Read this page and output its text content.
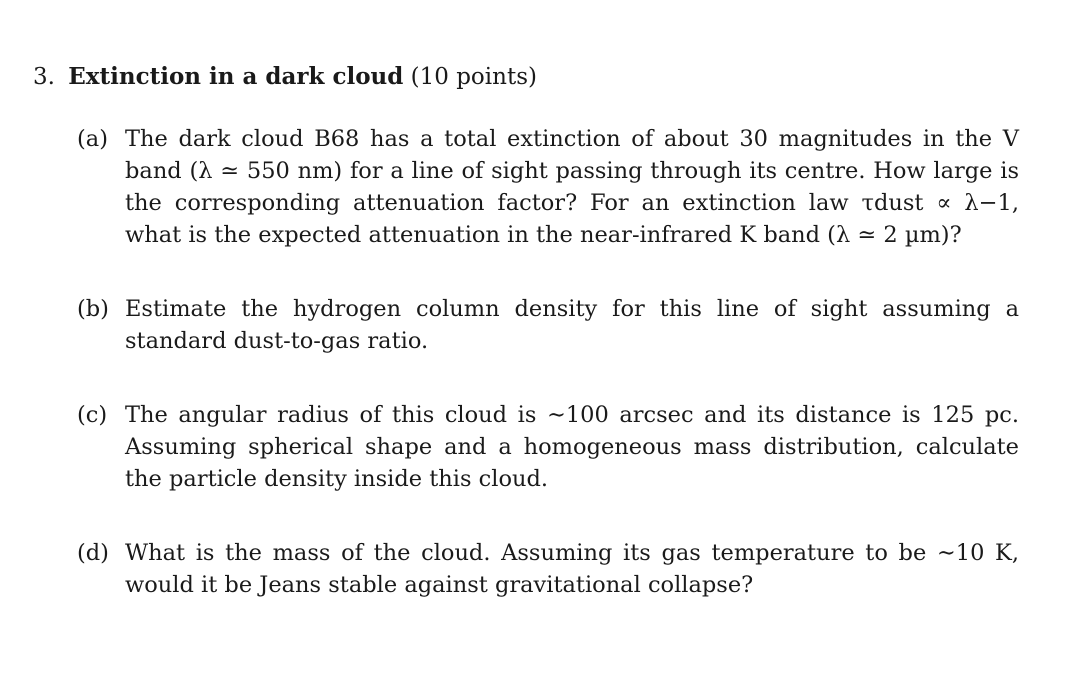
3. Extinction in a dark cloud (10 points)

(a) The dark cloud B68 has a total extinction of about 30 magnitudes in the V band (λ ≃ 550 nm) for a line of sight passing through its centre. How large is the corresponding attenuation factor? For an extinction law τdust ∝ λ−1, what is the expected attenuation in the near-infrared K band (λ ≃ 2 µm)?
(b) Estimate the hydrogen column density for this line of sight assuming a standard dust-to-gas ratio.
(c) The angular radius of this cloud is ∼100 arcsec and its distance is 125 pc. Assuming spherical shape and a homogeneous mass distribution, calculate the particle density inside this cloud.
(d) What is the mass of the cloud. Assuming its gas temperature to be ∼10 K, would it be Jeans stable against gravitational collapse?
